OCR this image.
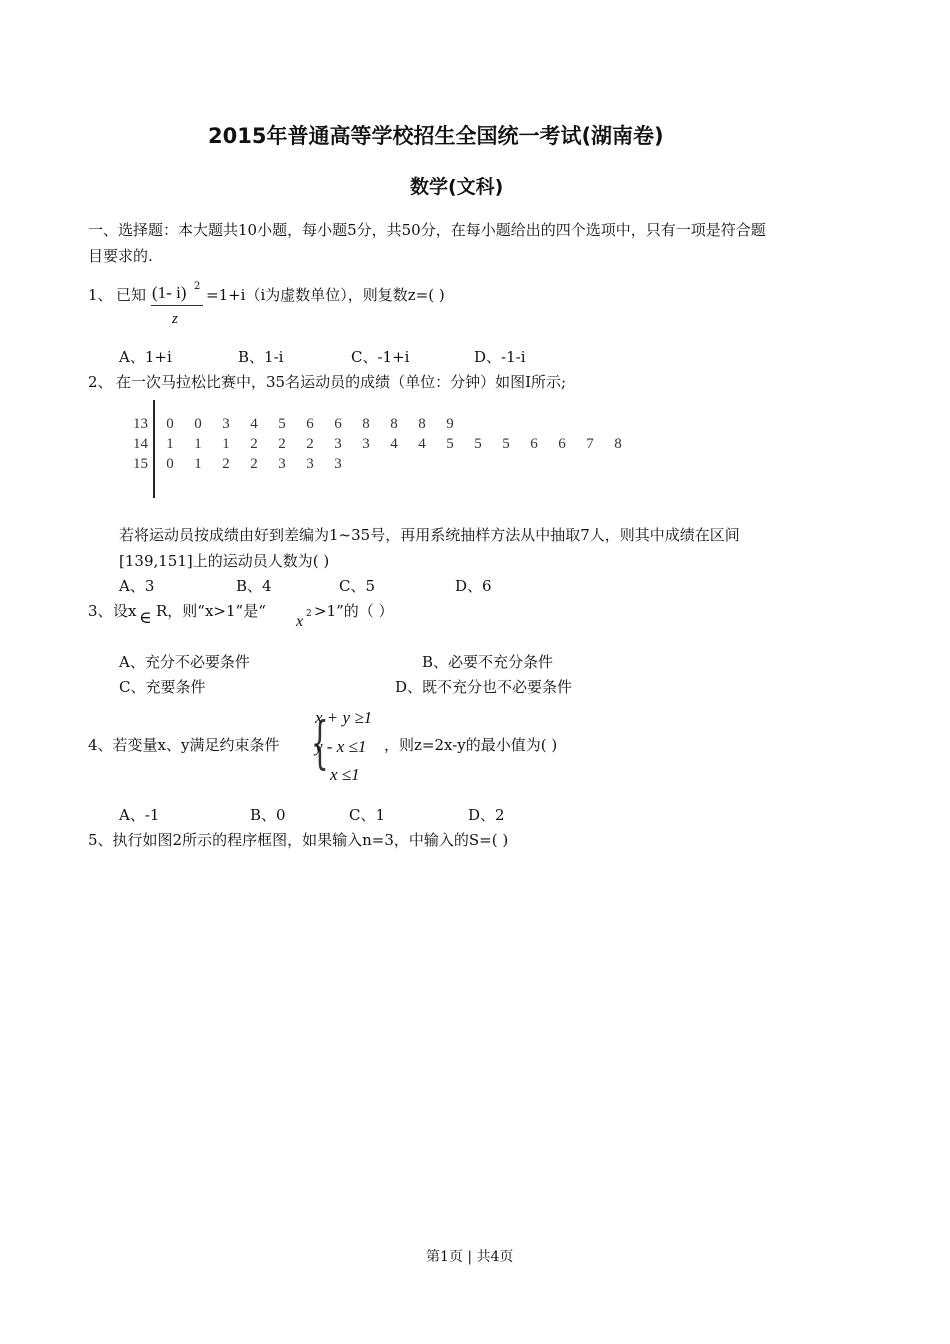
2015年普通高等学校招生全国统一考试(湖南卷)
数学(文科)
一、选择题：本大题共10小题，每小题5分，共50分，在每小题给出的四个选项中，只有一项是符合题
目要求的.
1、 已知 (1- i) 2
z
=1+i（i为虚数单位），则复数z=( )
A、1+i	B、1-i	C、-1+i	D、-1-i
2、 在一次马拉松比赛中，35名运动员的成绩（单位：分钟）如图I所示;
13	0	0	3	4	5	6	6	8	8	8	9						
14	1	1	1	2	2	2	3	3	4	4	5	5	5	6	6	7	8
15	0	1	2	2	3	3	3										
若将运动员按成绩由好到差编为1~35号，再用系统抽样方法从中抽取7人，则其中成绩在区间
[139,151]上的运动员人数为( )
A、3	B、4	C、5	D、6
3、 设x ∈ R，则“x>1”是“
x 2 >1”的（ ）
A、充分不必要条件	B、必要不充分条件
C、充要条件	D、既不充分也不必要条件
4、若变量x、y满足约束条件 {
x + y ≥1
y - x ≤1
x ≤1
，则z=2x-y的最小值为( )
A、-1	B、0	C、1	D、2
5、执行如图2所示的程序框图，如果输入n=3，中输入的S=( )
第1页 | 共4页
